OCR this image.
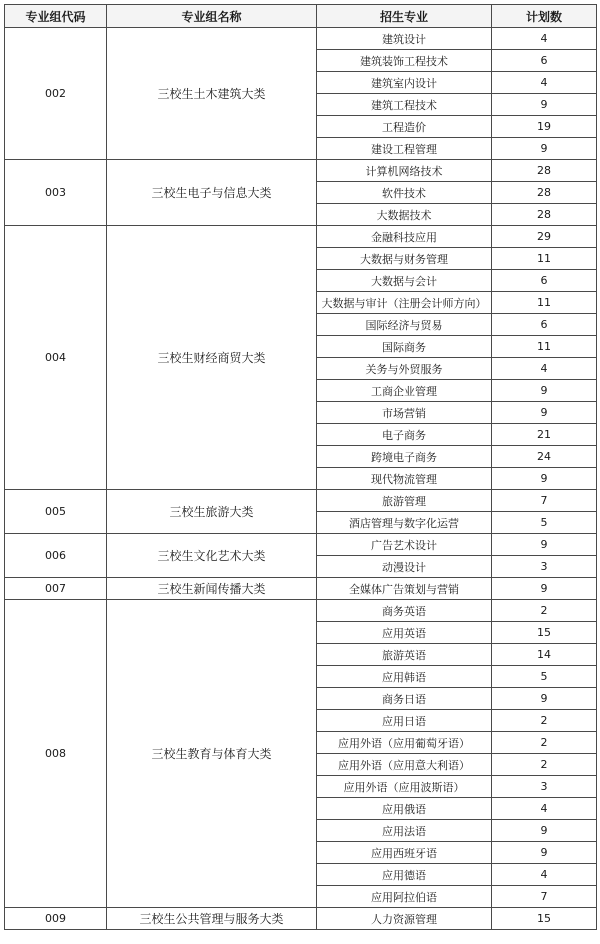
专业组代码	专业组名称	招生专业	计划数
002	三校生土木建筑大类	建筑设计	4
		建筑装饰工程技术	6
		建筑室内设计	4
		建筑工程技术	9
		工程造价	19
		建设工程管理	9
003	三校生电子与信息大类	计算机网络技术	28
		软件技术	28
		大数据技术	28
004	三校生财经商贸大类	金融科技应用	29
		大数据与财务管理	11
		大数据与会计	6
		大数据与审计（注册会计师方向）	11
		国际经济与贸易	6
		国际商务	11
		关务与外贸服务	4
		工商企业管理	9
		市场营销	9
		电子商务	21
		跨境电子商务	24
		现代物流管理	9
005	三校生旅游大类	旅游管理	7
		酒店管理与数字化运营	5
006	三校生文化艺术大类	广告艺术设计	9
		动漫设计	3
007	三校生新闻传播大类	全媒体广告策划与营销	9
008	三校生教育与体育大类	商务英语	2
		应用英语	15
		旅游英语	14
		应用韩语	5
		商务日语	9
		应用日语	2
		应用外语（应用葡萄牙语）	2
		应用外语（应用意大利语）	2
		应用外语（应用波斯语）	3
		应用俄语	4
		应用法语	9
		应用西班牙语	9
		应用德语	4
		应用阿拉伯语	7
009	三校生公共管理与服务大类	人力资源管理	15
